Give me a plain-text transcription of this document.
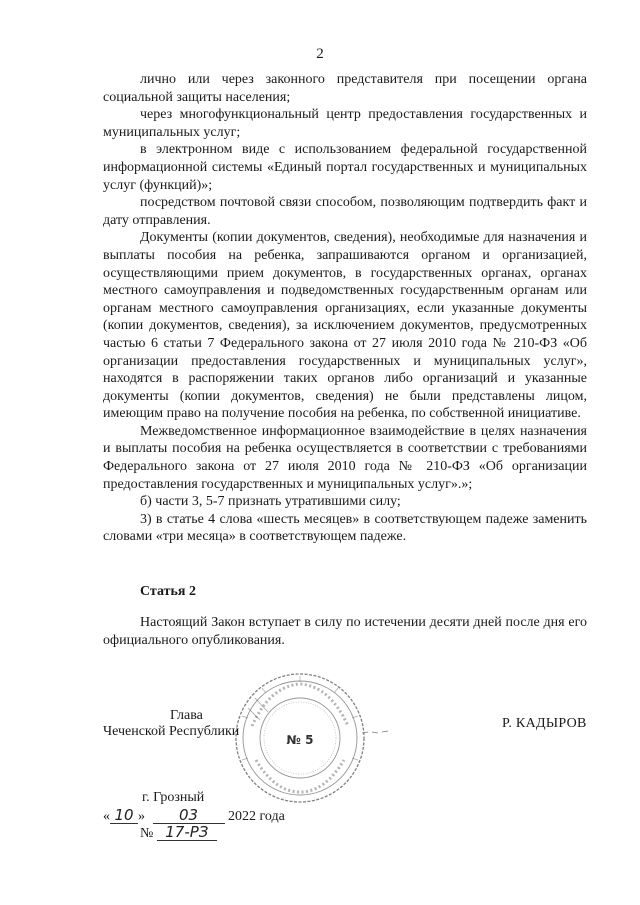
2

лично или через законного представителя при посещении органа социальной защиты населения;

через многофункциональный центр предоставления государственных и муниципальных услуг;

в электронном виде с использованием федеральной государственной информационной системы «Единый портал государственных и муниципальных услуг (функций)»;

посредством почтовой связи способом, позволяющим подтвердить факт и дату отправления.

Документы (копии документов, сведения), необходимые для назначения и выплаты пособия на ребенка, запрашиваются органом и организацией, осуществляющими прием документов, в государственных органах, органах местного самоуправления и подведомственных государственным органам или органам местного самоуправления организациях, если указанные документы (копии документов, сведения), за исключением документов, предусмотренных частью 6 статьи 7 Федерального закона от 27 июля 2010 года № 210-ФЗ «Об организации предоставления государственных и муниципальных услуг», находятся в распоряжении таких органов либо организаций и указанные документы (копии документов, сведения) не были представлены лицом, имеющим право на получение пособия на ребенка, по собственной инициативе.

Межведомственное информационное взаимодействие в целях назначения и выплаты пособия на ребенка осуществляется в соответствии с требованиями Федерального закона от 27 июля 2010 года № 210-ФЗ «Об организации предоставления государственных и муниципальных услуг».»;

б) части 3, 5-7 признать утратившими силу;

3) в статье 4 слова «шесть месяцев» в соответствующем падеже заменить словами «три месяца» в соответствующем падеже.

Статья 2
Настоящий Закон вступает в силу по истечении десяти дней после дня его официального опубликования.
№ 5
Глава
Чеченской Республики
Р. КАДЫРОВ
г. Грозный
« 10 » 03 2022 года
№ 17-РЗ
